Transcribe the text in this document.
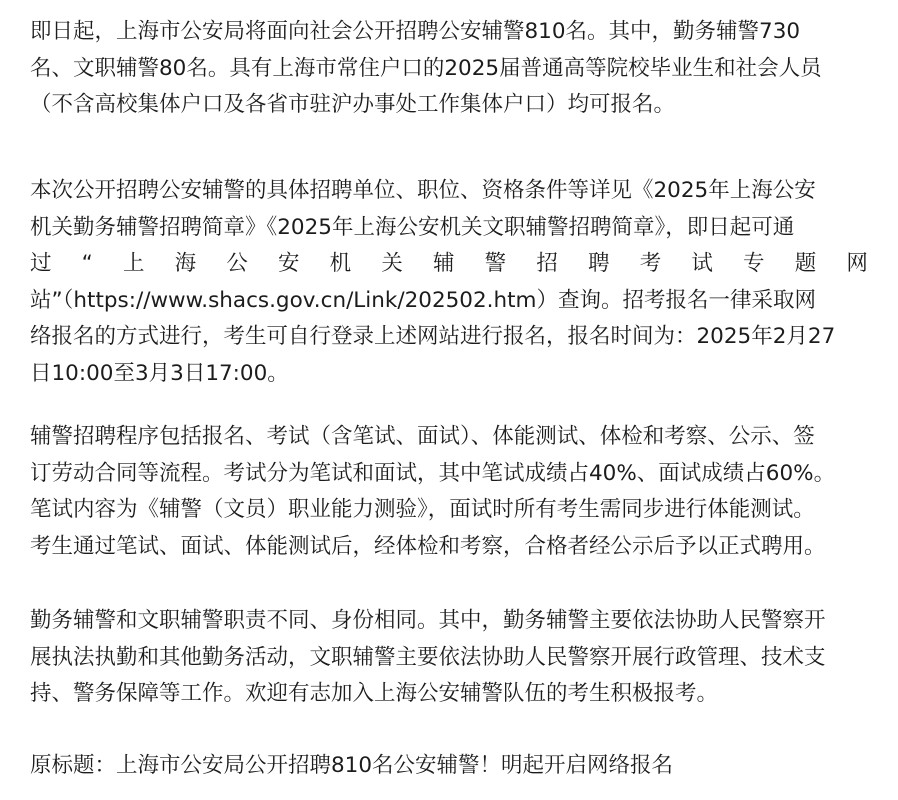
即日起，上海市公安局将面向社会公开招聘公安辅警810名。其中，勤务辅警730
名、文职辅警80名。具有上海市常住户口的2025届普通高等院校毕业生和社会人员
（不含高校集体户口及各省市驻沪办事处工作集体户口）均可报名。
本次公开招聘公安辅警的具体招聘单位、职位、资格条件等详见《2025年上海公安
机关勤务辅警招聘简章》《2025年上海公安机关文职辅警招聘简章》，即日起可通
过 “ 上 海 公 安 机 关 辅 警 招 聘 考 试 专 题 网
站”（https://www.shacs.gov.cn/Link/202502.htm）查询。招考报名一律采取网
络报名的方式进行，考生可自行登录上述网站进行报名，报名时间为：2025年2月27
日10:00至3月3日17:00。
辅警招聘程序包括报名、考试（含笔试、面试）、体能测试、体检和考察、公示、签
订劳动合同等流程。考试分为笔试和面试，其中笔试成绩占40%、面试成绩占60%。
笔试内容为《辅警（文员）职业能力测验》，面试时所有考生需同步进行体能测试。
考生通过笔试、面试、体能测试后，经体检和考察，合格者经公示后予以正式聘用。
勤务辅警和文职辅警职责不同、身份相同。其中，勤务辅警主要依法协助人民警察开
展执法执勤和其他勤务活动，文职辅警主要依法协助人民警察开展行政管理、技术支
持、警务保障等工作。欢迎有志加入上海公安辅警队伍的考生积极报考。
原标题：上海市公安局公开招聘810名公安辅警！明起开启网络报名
